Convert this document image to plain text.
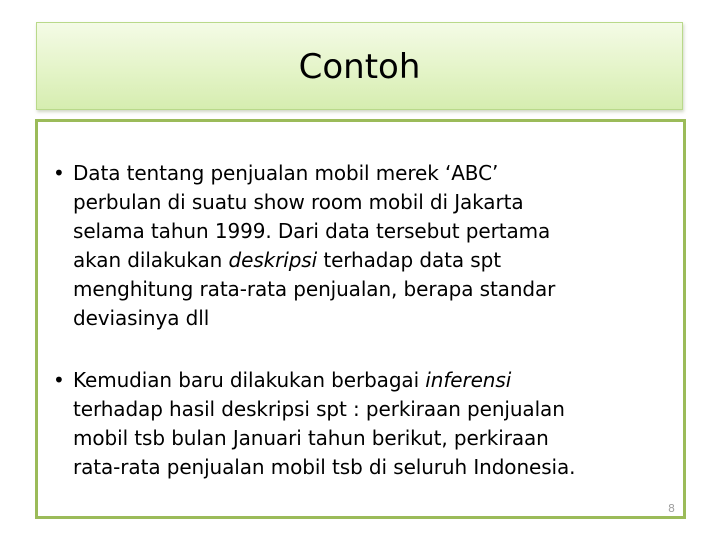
Contoh
• Data tentang penjualan mobil merek ‘ABC’
perbulan di suatu show room mobil di Jakarta
selama tahun 1999. Dari data tersebut pertama
akan dilakukan deskripsi terhadap data spt
menghitung rata-rata penjualan, berapa standar
deviasinya dll
• Kemudian baru dilakukan berbagai inferensi
terhadap hasil deskripsi spt : perkiraan penjualan
mobil tsb bulan Januari tahun berikut, perkiraan
rata-rata penjualan mobil tsb di seluruh Indonesia.
8
